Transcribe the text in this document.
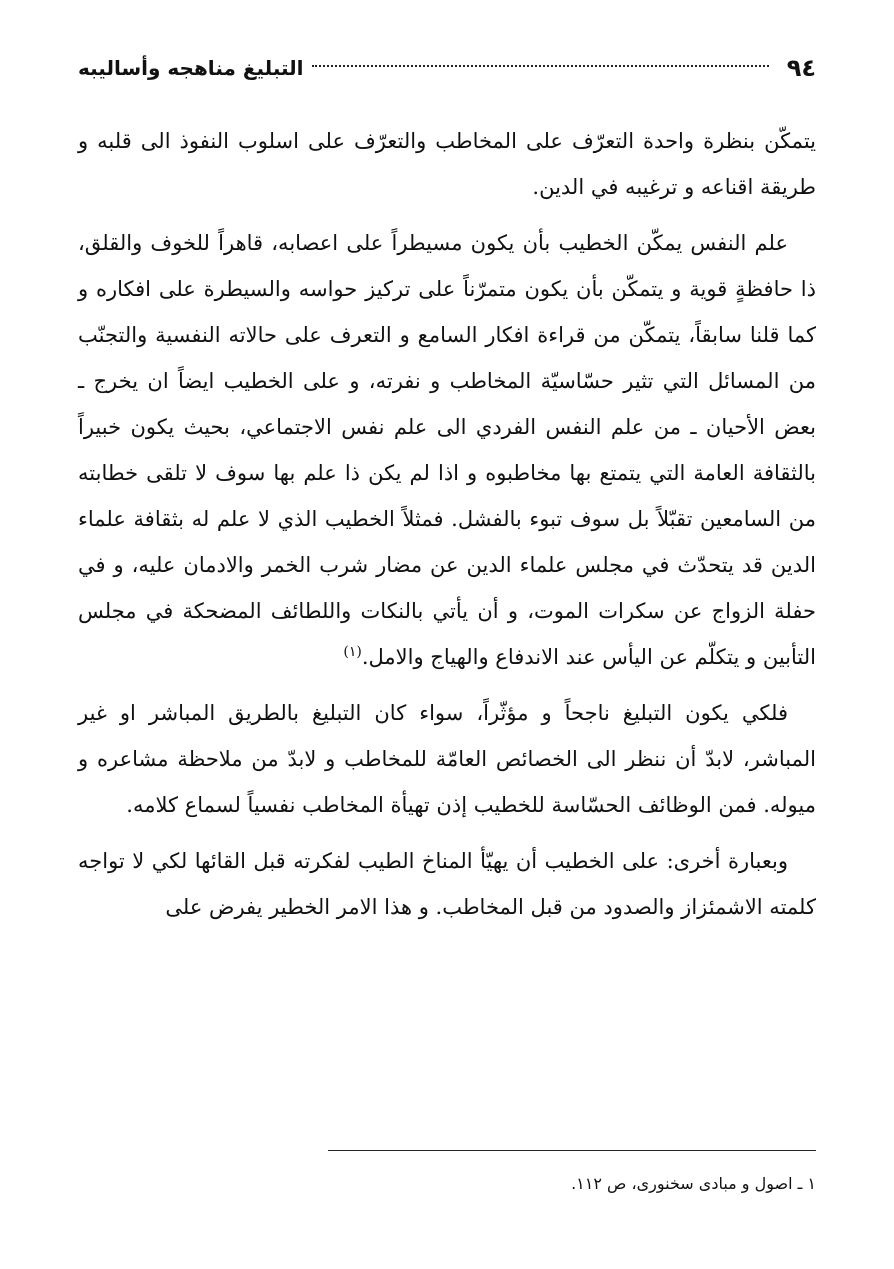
٩٤
التبليغ مناهجه وأساليبه

يتمكّن بنظرة واحدة التعرّف على المخاطب والتعرّف على اسلوب النفوذ الى قلبه و طريقة اقناعه و ترغيبه في الدين.

علم النفس يمكّن الخطيب بأن يكون مسيطراً على اعصابه، قاهراً للخوف والقلق، ذا حافظةٍ قوية و يتمكّن بأن يكون متمرّناً على تركيز حواسه والسيطرة على افكاره و كما قلنا سابقاً، يتمكّن من قراءة افكار السامع و التعرف على حالاته النفسية والتجنّب من المسائل التي تثير حسّاسيّة المخاطب و نفرته، و على الخطيب ايضاً ان يخرج ـ بعض الأحيان ـ من علم النفس الفردي الى علم نفس الاجتماعي، بحيث يكون خبيراً بالثقافة العامة التي يتمتع بها مخاطبوه و اذا لم يكن ذا علم بها سوف لا تلقى خطابته من السامعين تقبّلاً بل سوف تبوء بالفشل. فمثلاً الخطيب الذي لا علم له بثقافة علماء الدين قد يتحدّث في مجلس علماء الدين عن مضار شرب الخمر والادمان عليه، و في حفلة الزواج عن سكرات الموت، و أن يأتي بالنكات واللطائف المضحكة في مجلس التأبين و يتكلّم عن اليأس عند الاندفاع والهياج والامل.$^{(١)}$

فلكي يكون التبليغ ناجحاً و مؤثّراً، سواء كان التبليغ بالطريق المباشر او غير المباشر، لابدّ أن ننظر الى الخصائص العامّة للمخاطب و لابدّ من ملاحظة مشاعره و ميوله. فمن الوظائف الحسّاسة للخطيب إذن تهيأة المخاطب نفسياً لسماع كلامه.

وبعبارة أخرى: على الخطيب أن يهيّأ المناخ الطيب لفكرته قبل القائها لكي لا تواجه كلمته الاشمئزاز والصدود من قبل المخاطب. و هذا الامر الخطير يفرض على

١ ـ اصول و مبادى سخنورى، ص ١١٢.
